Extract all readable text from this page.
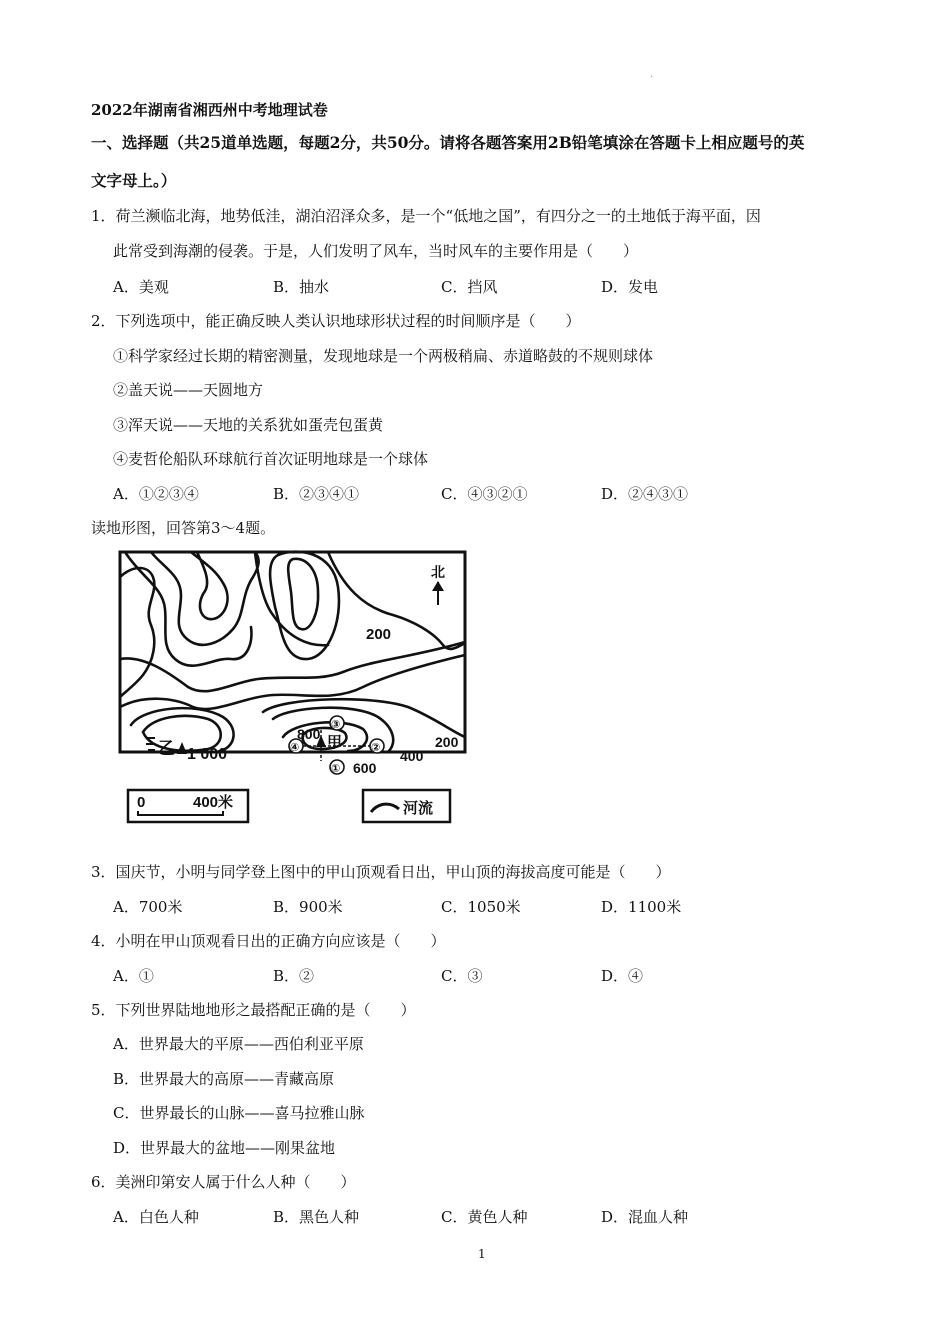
·
2022年湖南省湘西州中考地理试卷
一、选择题（共25道单选题，每题2分，共50分。请将各题答案用2B铅笔填涂在答题卡上相应题号的英
文字母上。）
1．荷兰濒临北海，地势低洼，湖泊沼泽众多，是一个“低地之国”，有四分之一的土地低于海平面，因
此常受到海潮的侵袭。于是，人们发明了风车，当时风车的主要作用是（　　）
A．美观	B．抽水	C．挡风	D．发电
2．下列选项中，能正确反映人类认识地球形状过程的时间顺序是（　　）
①科学家经过长期的精密测量，发现地球是一个两极稍扁、赤道略鼓的不规则球体
②盖天说——天圆地方
③浑天说——天地的关系犹如蛋壳包蛋黄
④麦哲伦船队环球航行首次证明地球是一个球体
A．①②③④	B．②③④①	C．④③②①	D．②④③①
读地形图，回答第3～4题。
乙 1 000
甲
③
②
①
④
200
800
600
400
200
北
0	400米	河流
3．国庆节，小明与同学登上图中的甲山顶观看日出，甲山顶的海拔高度可能是（　　）
A．700米	B．900米	C．1050米	D．1100米
4．小明在甲山顶观看日出的正确方向应该是（　　）
A．①	B．②	C．③	D．④
5．下列世界陆地地形之最搭配正确的是（　　）
A．世界最大的平原——西伯利亚平原
B．世界最大的高原——青藏高原
C．世界最长的山脉——喜马拉雅山脉
D．世界最大的盆地——刚果盆地
6．美洲印第安人属于什么人种（　　）
A．白色人种	B．黑色人种	C．黄色人种	D．混血人种
1
